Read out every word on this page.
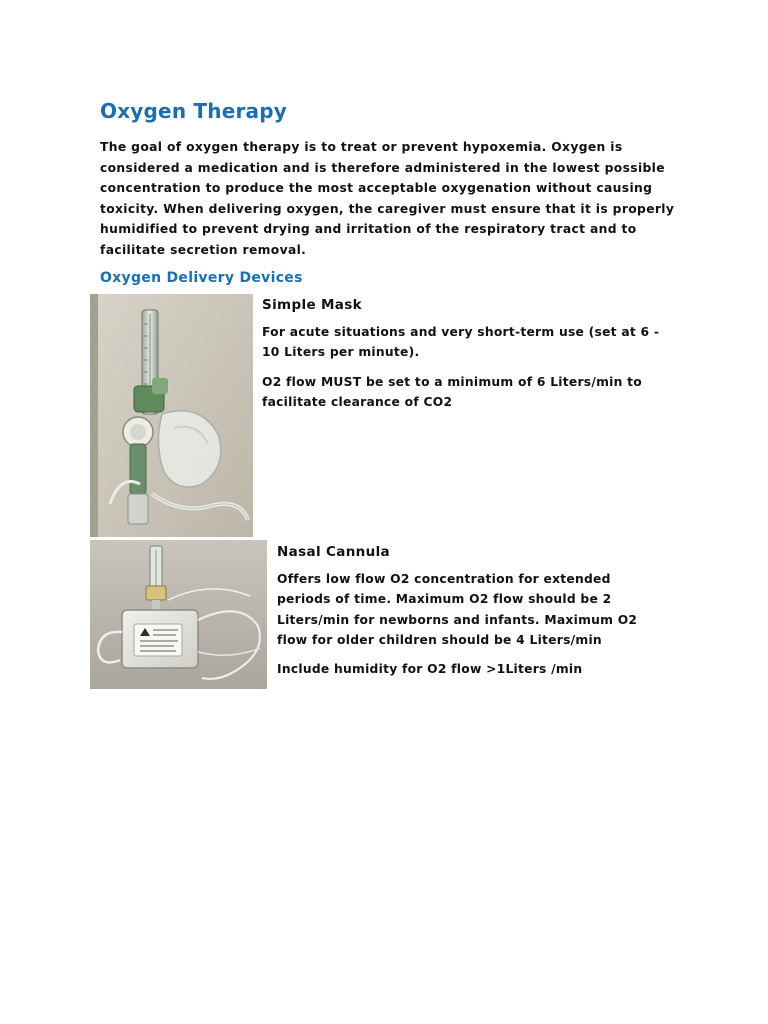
Oxygen Therapy

The goal of oxygen therapy is to treat or prevent hypoxemia. Oxygen is considered a medication and is therefore administered in the lowest possible concentration to produce the most acceptable oxygenation without causing toxicity. When delivering oxygen, the caregiver must ensure that it is properly humidified to prevent drying and irritation of the respiratory tract and to facilitate secretion removal.

Oxygen Delivery Devices

Simple Mask

For acute situations and very short-term use (set at 6 - 10 Liters per minute).

O2 flow MUST be set to a minimum of 6 Liters/min to facilitate clearance of CO2

Nasal Cannula

Offers low flow O2 concentration for extended periods of time. Maximum O2 flow should be 2 Liters/min for newborns and infants. Maximum O2 flow for older children should be 4 Liters/min

Include humidity for O2 flow >1Liters /min
